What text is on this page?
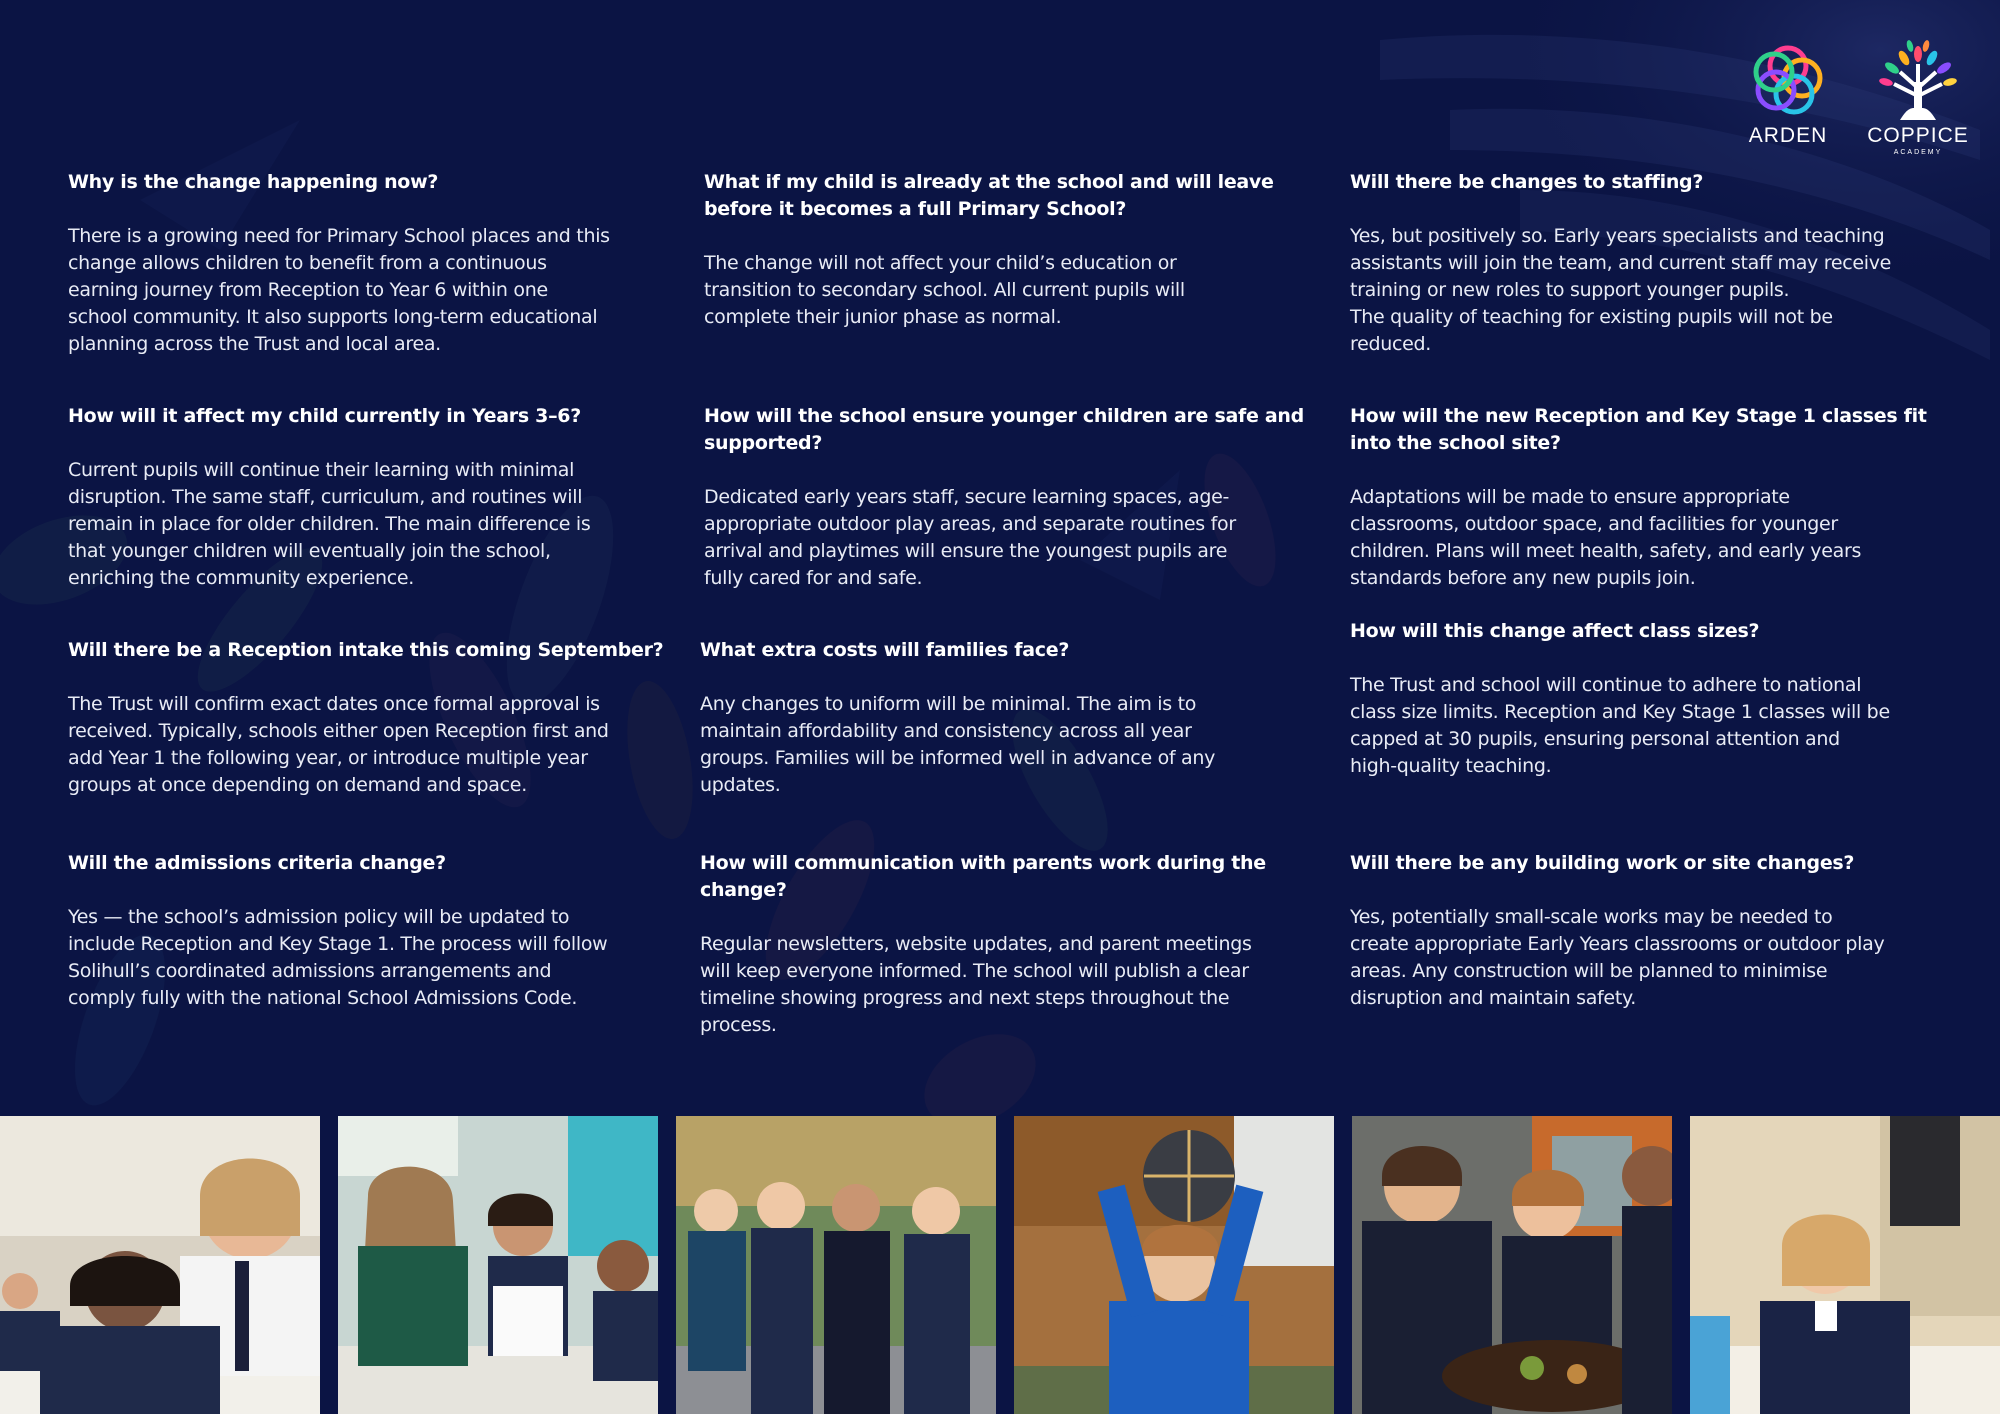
ARDEN COPPICE
ACADEMY
Why is the change happening now?

There is a growing need for Primary School places and this
change allows children to benefit from a continuous
earning journey from Reception to Year 6 within one
school community. It also supports long-term educational
planning across the Trust and local area.

How will it affect my child currently in Years 3–6?

Current pupils will continue their learning with minimal
disruption. The same staff, curriculum, and routines will
remain in place for older children. The main difference is
that younger children will eventually join the school,
enriching the community experience.

Will there be a Reception intake this coming September?

The Trust will confirm exact dates once formal approval is
received. Typically, schools either open Reception first and
add Year 1 the following year, or introduce multiple year
groups at once depending on demand and space.

Will the admissions criteria change?

Yes — the school’s admission policy will be updated to
include Reception and Key Stage 1. The process will follow
Solihull’s coordinated admissions arrangements and
comply fully with the national School Admissions Code.

What if my child is already at the school and will leave
before it becomes a full Primary School?

The change will not affect your child’s education or
transition to secondary school. All current pupils will
complete their junior phase as normal.

How will the school ensure younger children are safe and
supported?

Dedicated early years staff, secure learning spaces, age-
appropriate outdoor play areas, and separate routines for
arrival and playtimes will ensure the youngest pupils are
fully cared for and safe.

What extra costs will families face?

Any changes to uniform will be minimal. The aim is to
maintain affordability and consistency across all year
groups. Families will be informed well in advance of any
updates.

How will communication with parents work during the
change?

Regular newsletters, website updates, and parent meetings
will keep everyone informed. The school will publish a clear
timeline showing progress and next steps throughout the
process.

Will there be changes to staffing?

Yes, but positively so. Early years specialists and teaching
assistants will join the team, and current staff may receive
training or new roles to support younger pupils.
The quality of teaching for existing pupils will not be
reduced.

How will the new Reception and Key Stage 1 classes fit
into the school site?

Adaptations will be made to ensure appropriate
classrooms, outdoor space, and facilities for younger
children. Plans will meet health, safety, and early years
standards before any new pupils join.

How will this change affect class sizes?

The Trust and school will continue to adhere to national
class size limits. Reception and Key Stage 1 classes will be
capped at 30 pupils, ensuring personal attention and
high-quality teaching.

Will there be any building work or site changes?

Yes, potentially small-scale works may be needed to
create appropriate Early Years classrooms or outdoor play
areas. Any construction will be planned to minimise
disruption and maintain safety.
